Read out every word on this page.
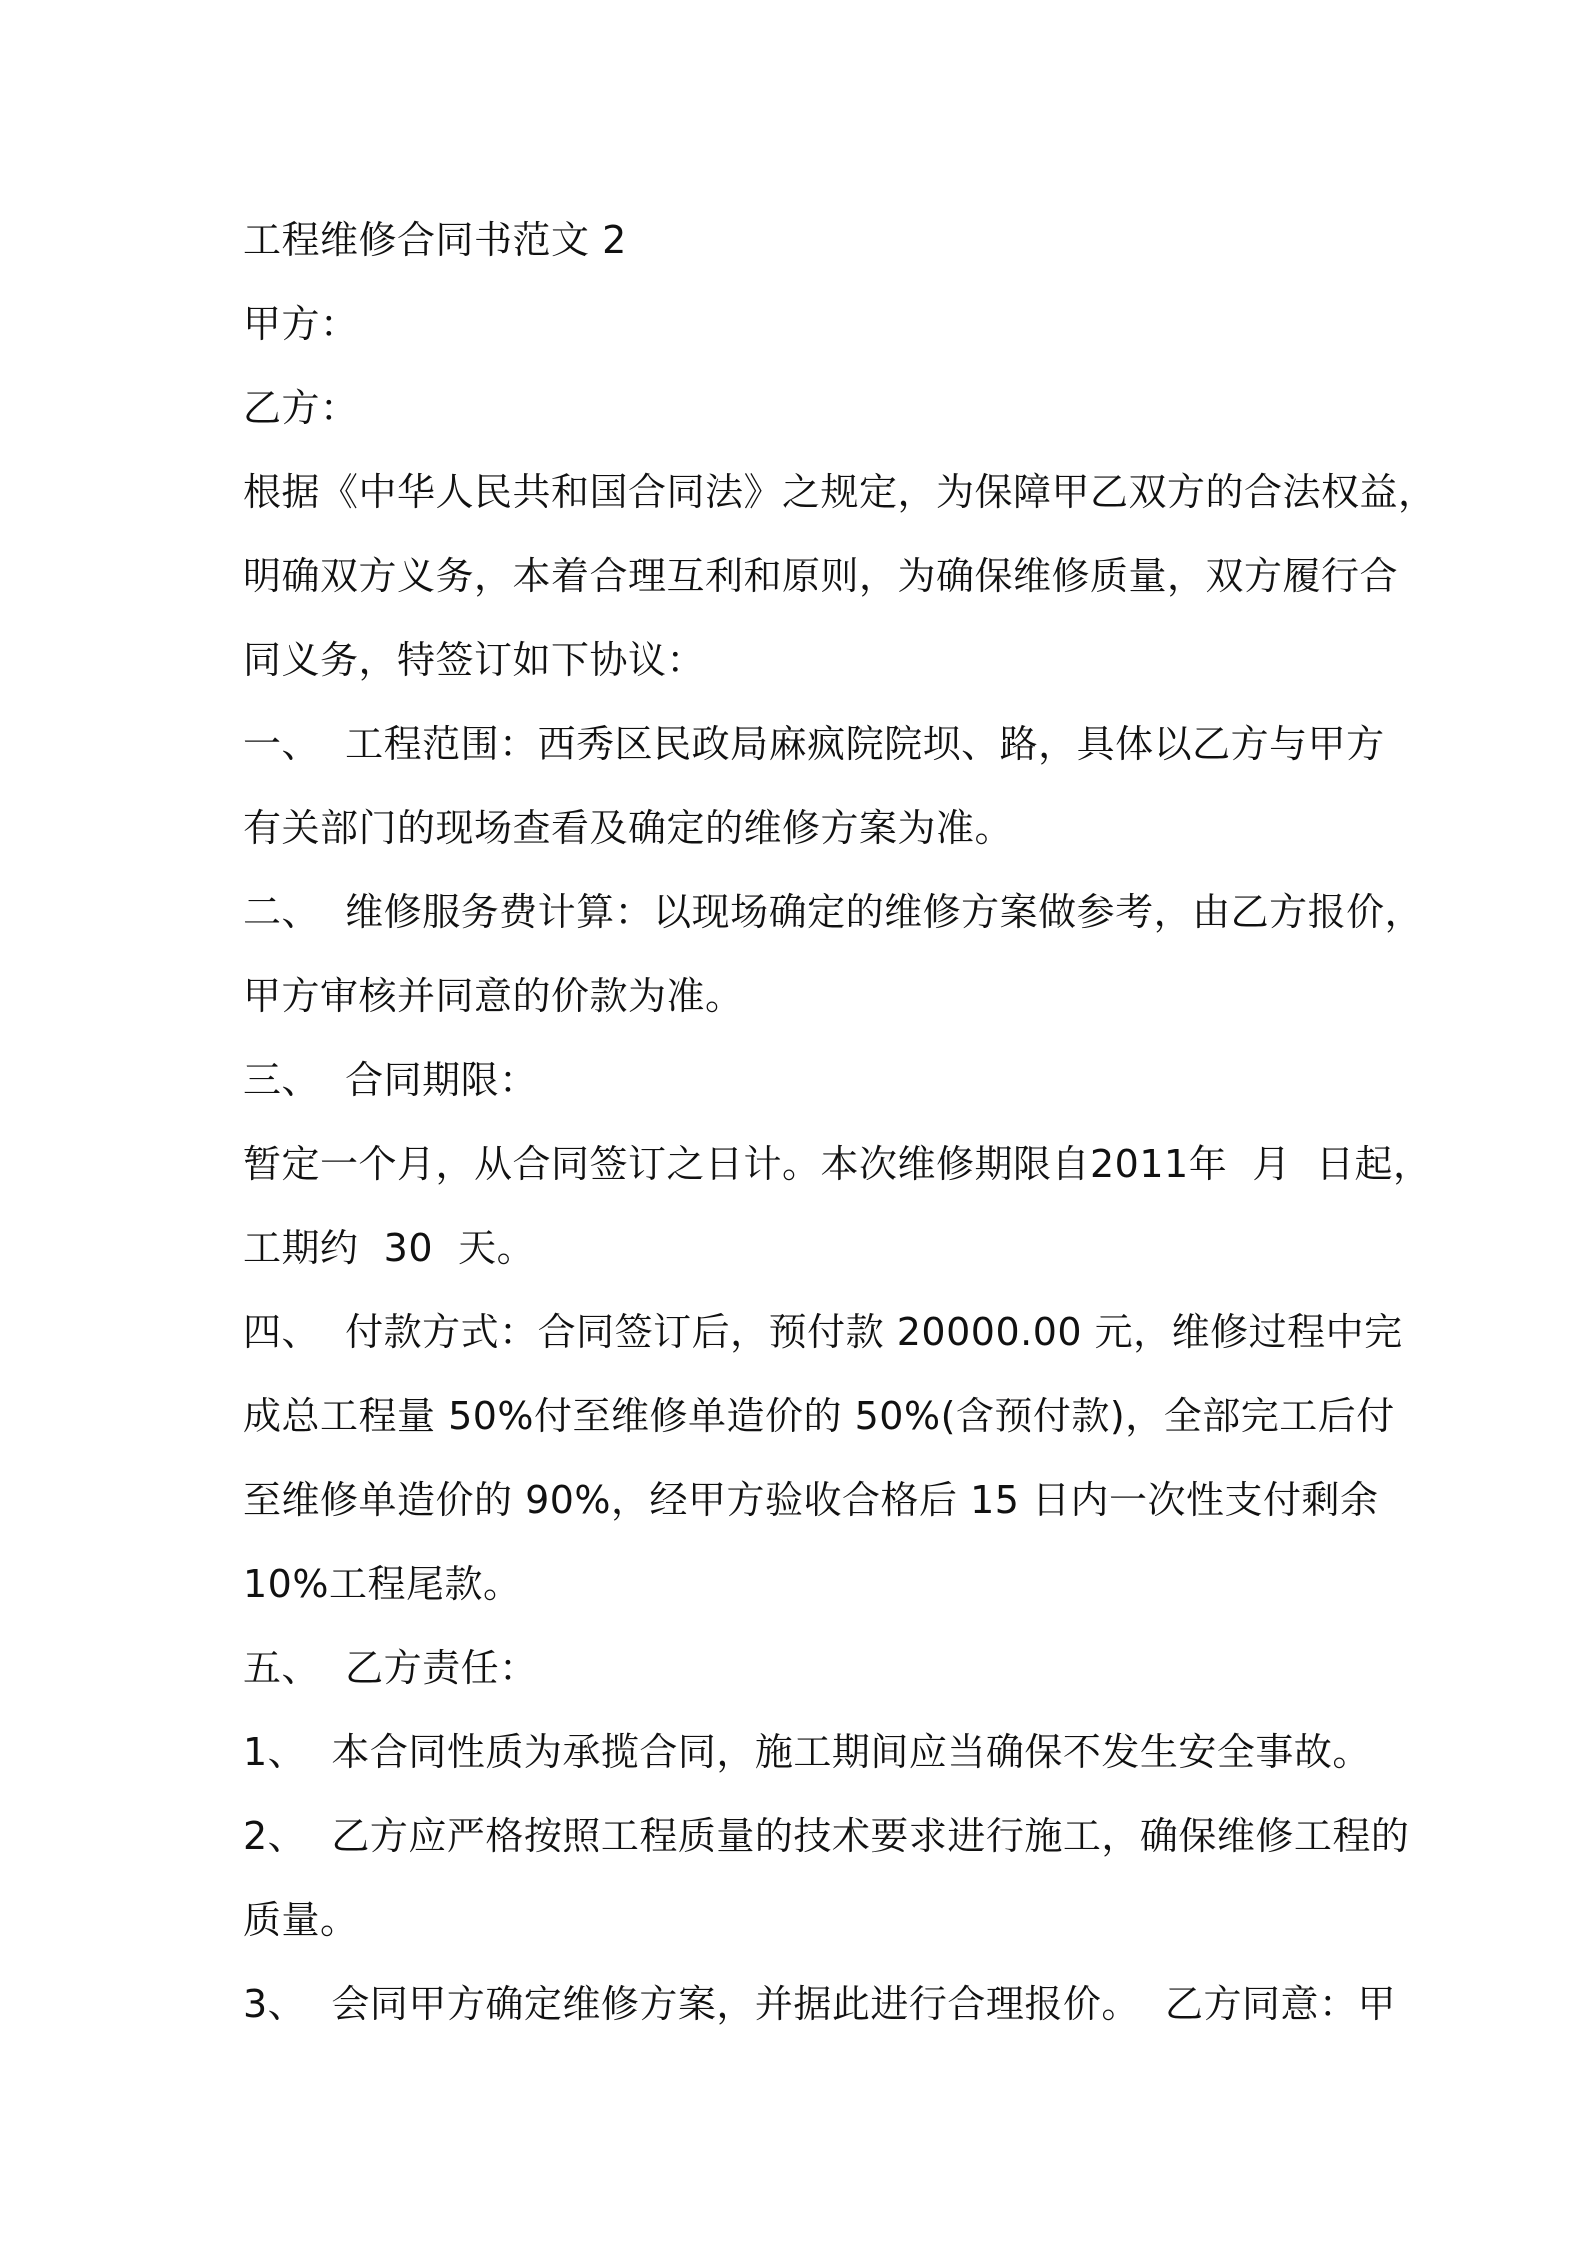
工程维修合同书范文 2
甲方：
乙方：
根据《中华人民共和国合同法》之规定，为保障甲乙双方的合法权益，
明确双方义务，本着合理互利和原则，为确保维修质量，双方履行合
同义务，特签订如下协议：
一、  工程范围：西秀区民政局麻疯院院坝、路，具体以乙方与甲方
有关部门的现场查看及确定的维修方案为准。
二、  维修服务费计算：以现场确定的维修方案做参考，由乙方报价，
甲方审核并同意的价款为准。
三、  合同期限：
暂定一个月，从合同签订之日计。本次维修期限自2011年  月  日起，
工期约  30  天。
四、  付款方式：合同签订后，预付款 20000.00 元，维修过程中完
成总工程量 50%付至维修单造价的 50%(含预付款)，全部完工后付
至维修单造价的 90%，经甲方验收合格后 15 日内一次性支付剩余
10%工程尾款。
五、  乙方责任：
1、  本合同性质为承揽合同，施工期间应当确保不发生安全事故。
2、  乙方应严格按照工程质量的技术要求进行施工，确保维修工程的
质量。
3、  会同甲方确定维修方案，并据此进行合理报价。  乙方同意：甲
